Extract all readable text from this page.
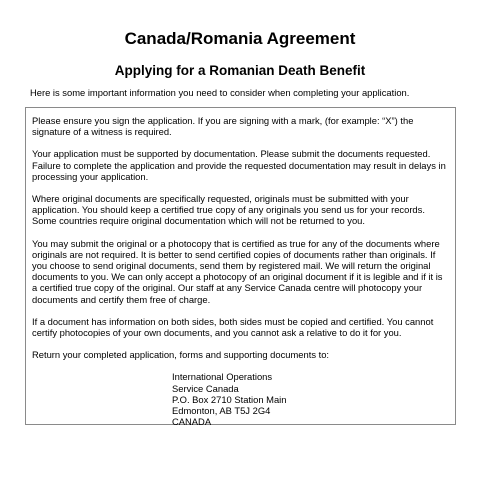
Canada/Romania Agreement
Applying for a Romanian Death Benefit

Here is some important information you need to consider when completing your application.

Please ensure you sign the application. If you are signing with a mark, (for example: “X”) the signature of a witness is required.

Your application must be supported by documentation. Please submit the documents requested. Failure to complete the application and provide the requested documentation may result in delays in processing your application.

Where original documents are specifically requested, originals must be submitted with your application. You should keep a certified true copy of any originals you send us for your records. Some countries require original documentation which will not be returned to you.

You may submit the original or a photocopy that is certified as true for any of the documents where originals are not required. It is better to send certified copies of documents rather than originals. If you choose to send original documents, send them by registered mail. We will return the original documents to you. We can only accept a photocopy of an original document if it is legible and if it is a certified true copy of the original. Our staff at any Service Canada centre will photocopy your documents and certify them free of charge.

If a document has information on both sides, both sides must be copied and certified. You cannot certify photocopies of your own documents, and you cannot ask a relative to do it for you.

Return your completed application, forms and supporting documents to:

International Operations
Service Canada
P.O. Box 2710 Station Main
Edmonton, AB T5J 2G4
CANADA
